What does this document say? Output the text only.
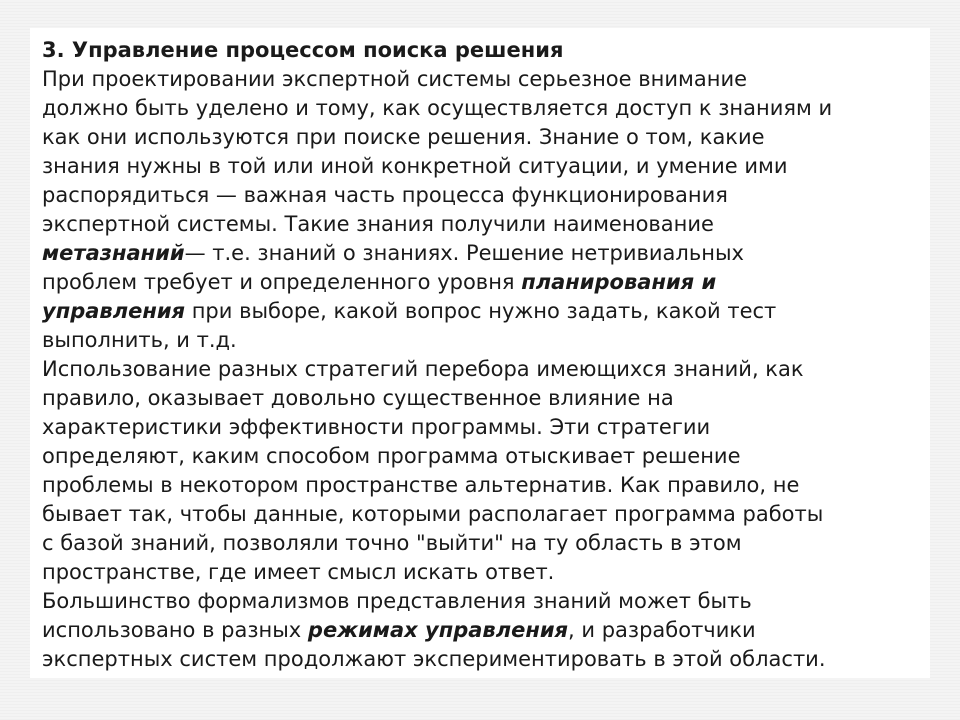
3. Управление процессом поиска решения
При проектировании экспертной системы серьезное внимание
должно быть уделено и тому, как осуществляется доступ к знаниям и
как они используются при поиске решения. Знание о том, какие
знания нужны в той или иной конкретной ситуации, и умение ими
распорядиться — важная часть процесса функционирования
экспертной системы. Такие знания получили наименование
метазнаний— т.е. знаний о знаниях. Решение нетривиальных
проблем требует и определенного уровня планирования и
управления при выборе, какой вопрос нужно задать, какой тест
выполнить, и т.д.
Использование разных стратегий перебора имеющихся знаний, как
правило, оказывает довольно существенное влияние на
характеристики эффективности программы. Эти стратегии
определяют, каким способом программа отыскивает решение
проблемы в некотором пространстве альтернатив. Как правило, не
бывает так, чтобы данные, которыми располагает программа работы
с базой знаний, позволяли точно "выйти" на ту область в этом
пространстве, где имеет смысл искать ответ.
Большинство формализмов представления знаний может быть
использовано в разных режимах управления, и разработчики
экспертных систем продолжают экспериментировать в этой области.
